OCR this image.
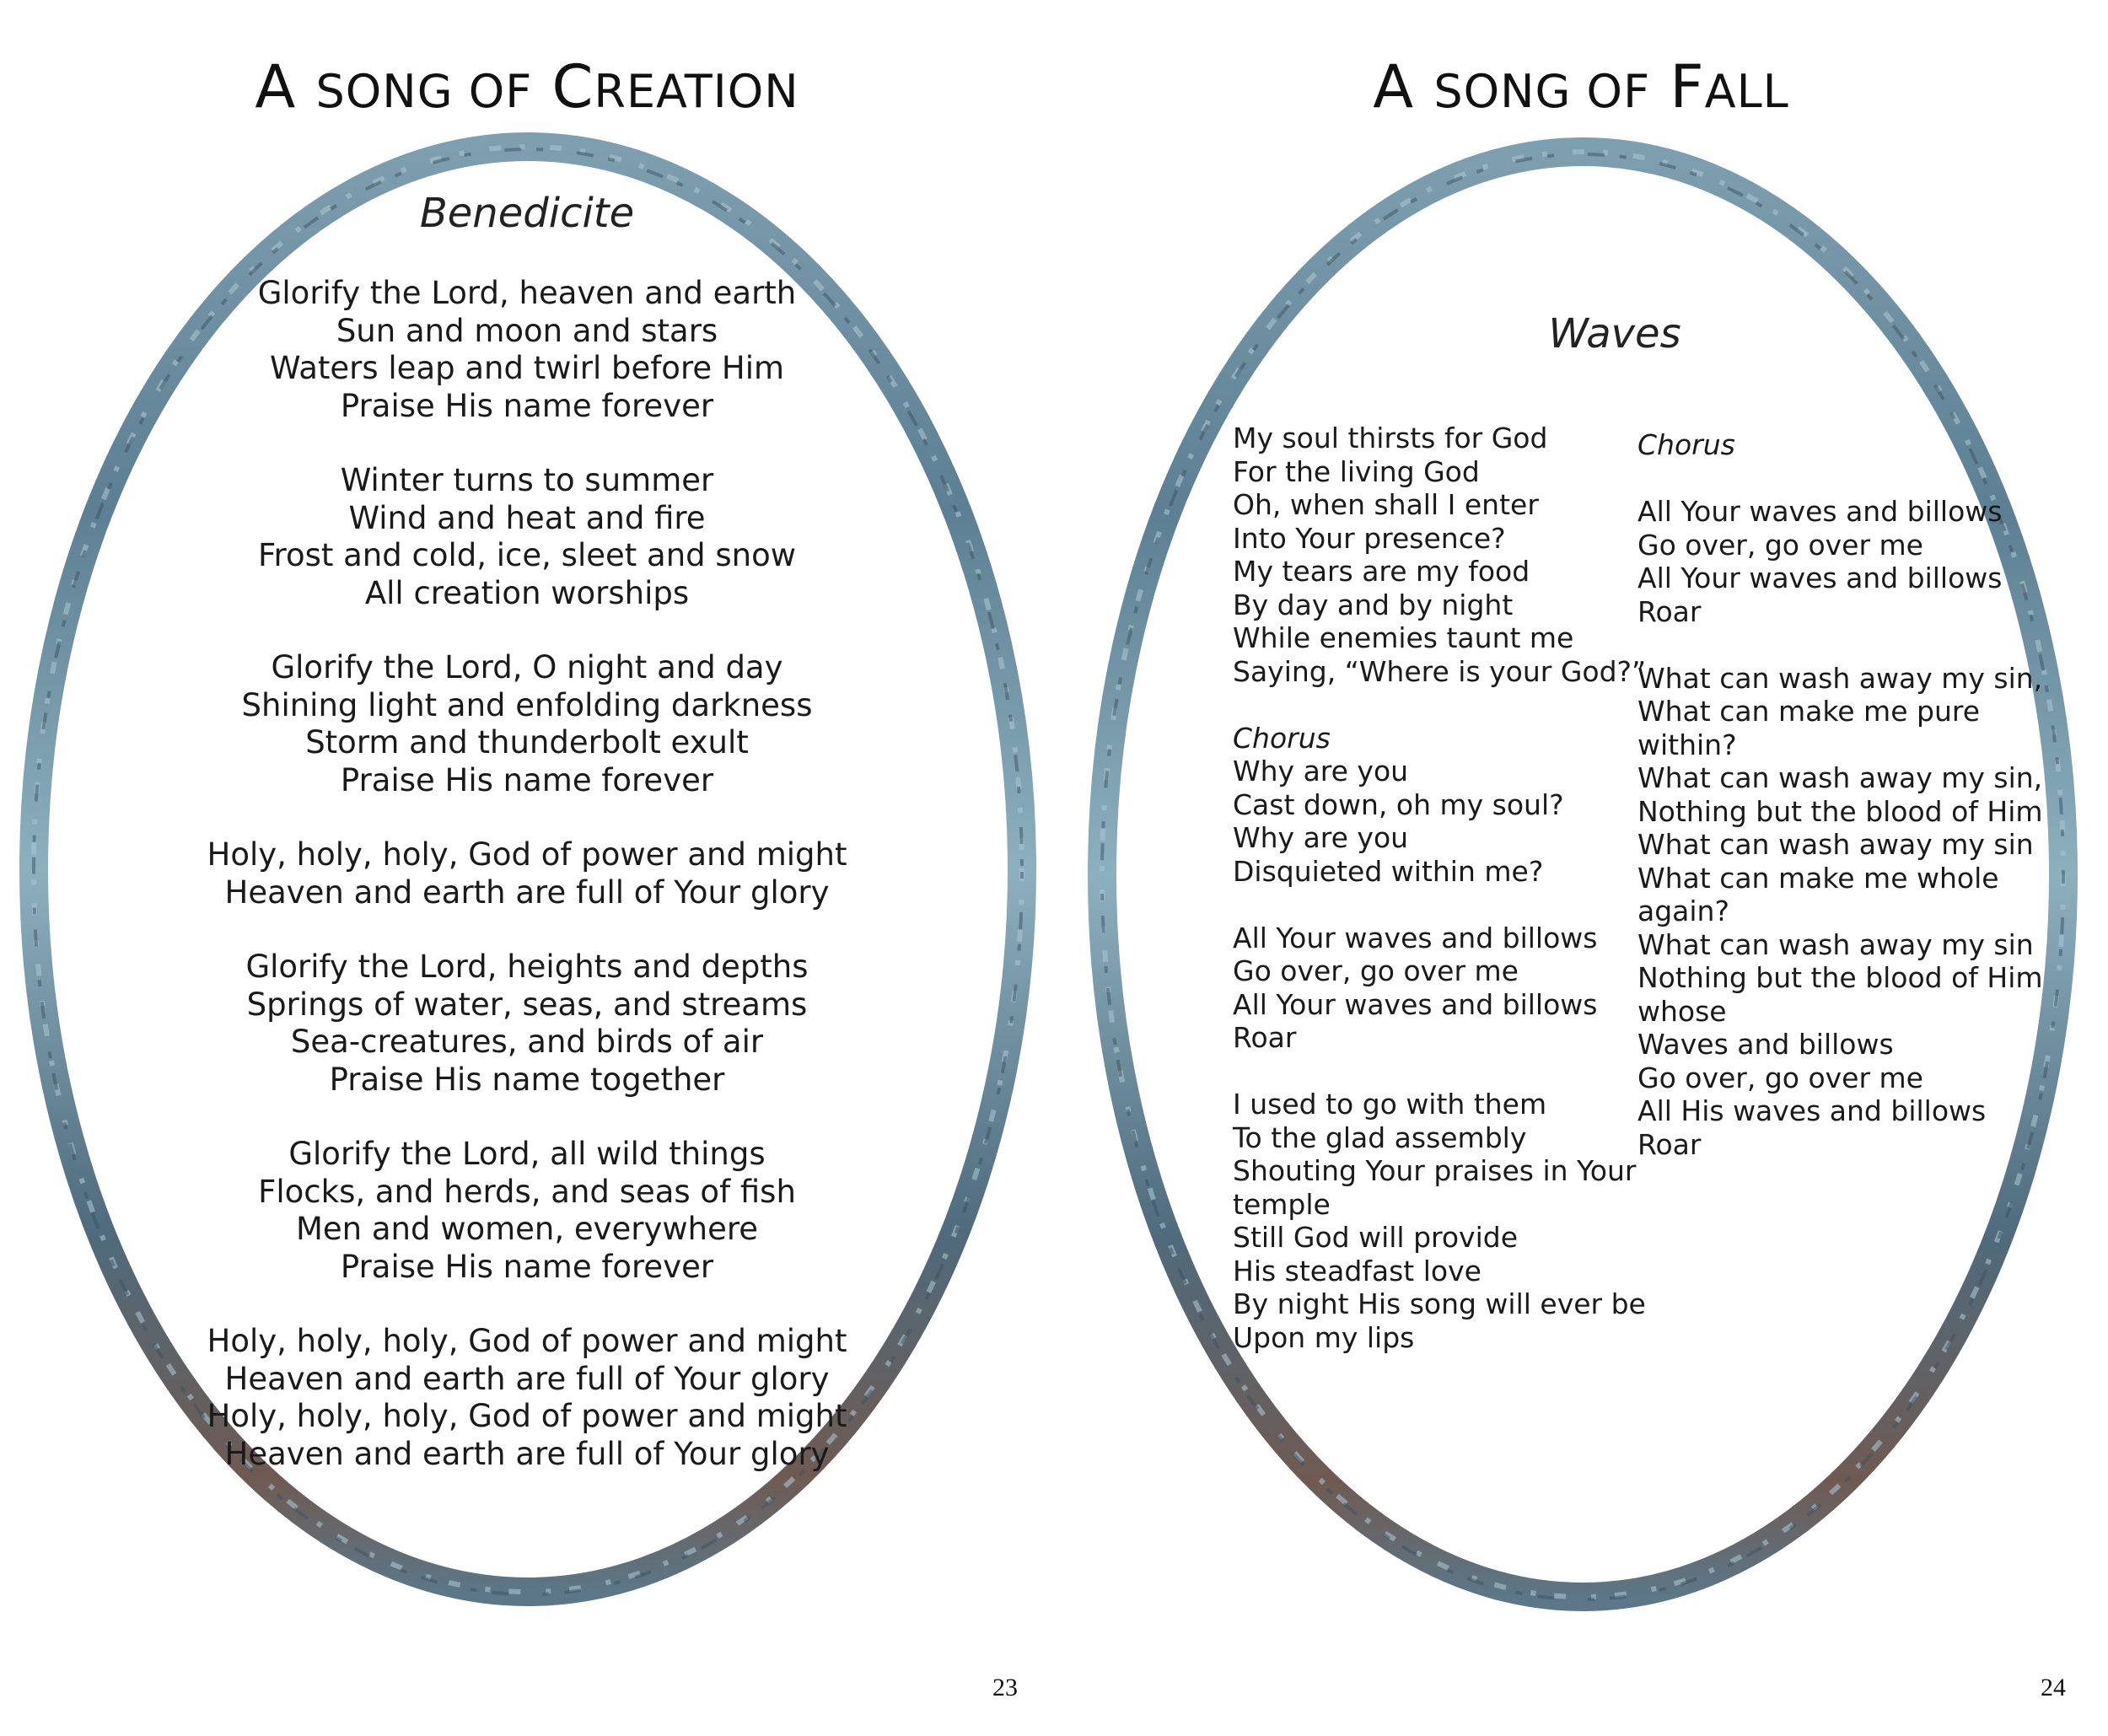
A SONG OF CREATION
Benedicite
Glorify the Lord, heaven and earth
Sun and moon and stars
Waters leap and twirl before Him
Praise His name forever
Winter turns to summer
Wind and heat and fire
Frost and cold, ice, sleet and snow
All creation worships
Glorify the Lord, O night and day
Shining light and enfolding darkness
Storm and thunderbolt exult
Praise His name forever
Holy, holy, holy, God of power and might
Heaven and earth are full of Your glory
Glorify the Lord, heights and depths
Springs of water, seas, and streams
Sea-creatures, and birds of air
Praise His name together
Glorify the Lord, all wild things
Flocks, and herds, and seas of fish
Men and women, everywhere
Praise His name forever
Holy, holy, holy, God of power and might
Heaven and earth are full of Your glory
Holy, holy, holy, God of power and might
Heaven and earth are full of Your glory
23
A SONG OF FALL
Waves
My soul thirsts for God
For the living God
Oh, when shall I enter
Into Your presence?
My tears are my food
By day and by night
While enemies taunt me
Saying, “Where is your God?”
Chorus
Why are you
Cast down, oh my soul?
Why are you
Disquieted within me?
All Your waves and billows
Go over, go over me
All Your waves and billows
Roar
I used to go with them
To the glad assembly
Shouting Your praises in Your
temple
Still God will provide
His steadfast love
By night His song will ever be
Upon my lips
Chorus
All Your waves and billows
Go over, go over me
All Your waves and billows
Roar
What can wash away my sin,
What can make me pure
within?
What can wash away my sin,
Nothing but the blood of Him
What can wash away my sin
What can make me whole
again?
What can wash away my sin
Nothing but the blood of Him
whose
Waves and billows
Go over, go over me
All His waves and billows
Roar
24
